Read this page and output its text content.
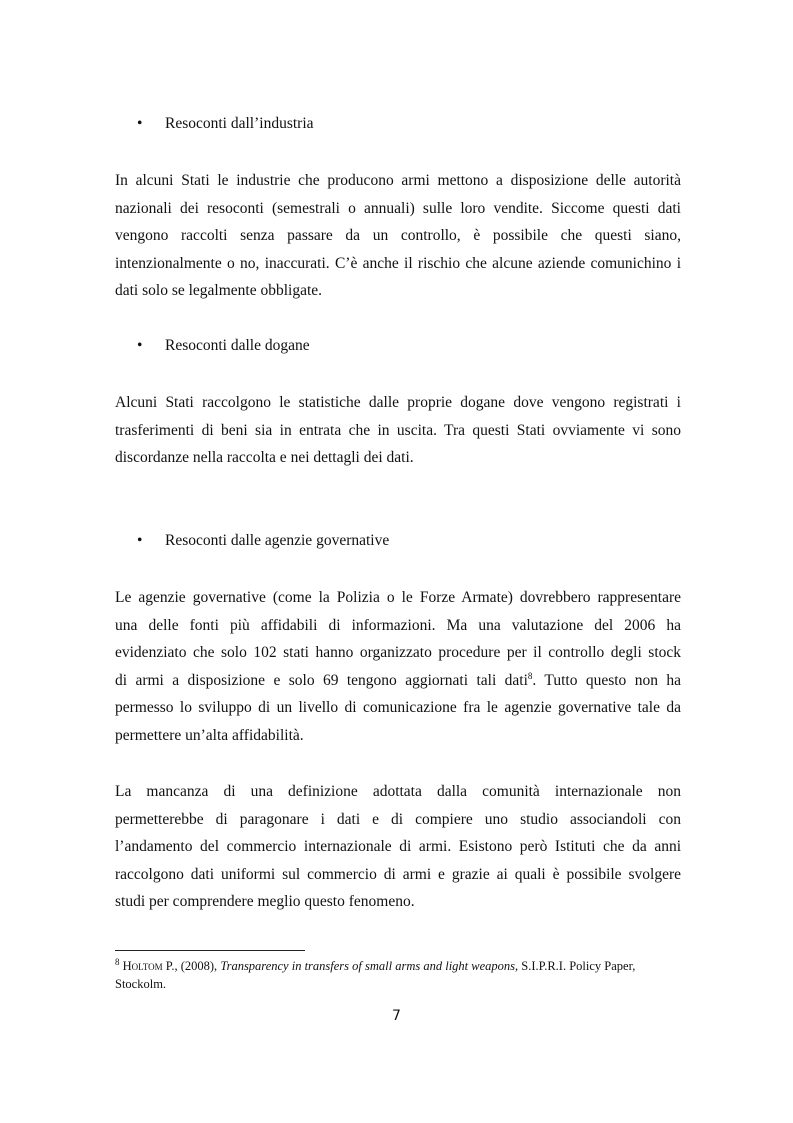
• Resoconti dall’industria

In alcuni Stati le industrie che producono armi mettono a disposizione delle autorità
nazionali dei resoconti (semestrali o annuali) sulle loro vendite. Siccome questi dati
vengono raccolti senza passare da un controllo, è possibile che questi siano,
intenzionalmente o no, inaccurati. C’è anche il rischio che alcune aziende comunichino i
dati solo se legalmente obbligate.

• Resoconti dalle dogane

Alcuni Stati raccolgono le statistiche dalle proprie dogane dove vengono registrati i
trasferimenti di beni sia in entrata che in uscita. Tra questi Stati ovviamente vi sono
discordanze nella raccolta e nei dettagli dei dati.

• Resoconti dalle agenzie governative

Le agenzie governative (come la Polizia o le Forze Armate) dovrebbero rappresentare
una delle fonti più affidabili di informazioni. Ma una valutazione del 2006 ha
evidenziato che solo 102 stati hanno organizzato procedure per il controllo degli stock
di armi a disposizione e solo 69 tengono aggiornati tali dati$^8$. Tutto questo non ha
permesso lo sviluppo di un livello di comunicazione fra le agenzie governative tale da
permettere un’alta affidabilità.

La mancanza di una definizione adottata dalla comunità internazionale non
permetterebbe di paragonare i dati e di compiere uno studio associandoli con
l’andamento del commercio internazionale di armi. Esistono però Istituti che da anni
raccolgono dati uniformi sul commercio di armi e grazie ai quali è possibile svolgere
studi per comprendere meglio questo fenomeno.

$^8$ Holtom P., (2008), Transparency in transfers of small arms and light weapons, S.I.P.R.I. Policy Paper,
Stockolm.

7
